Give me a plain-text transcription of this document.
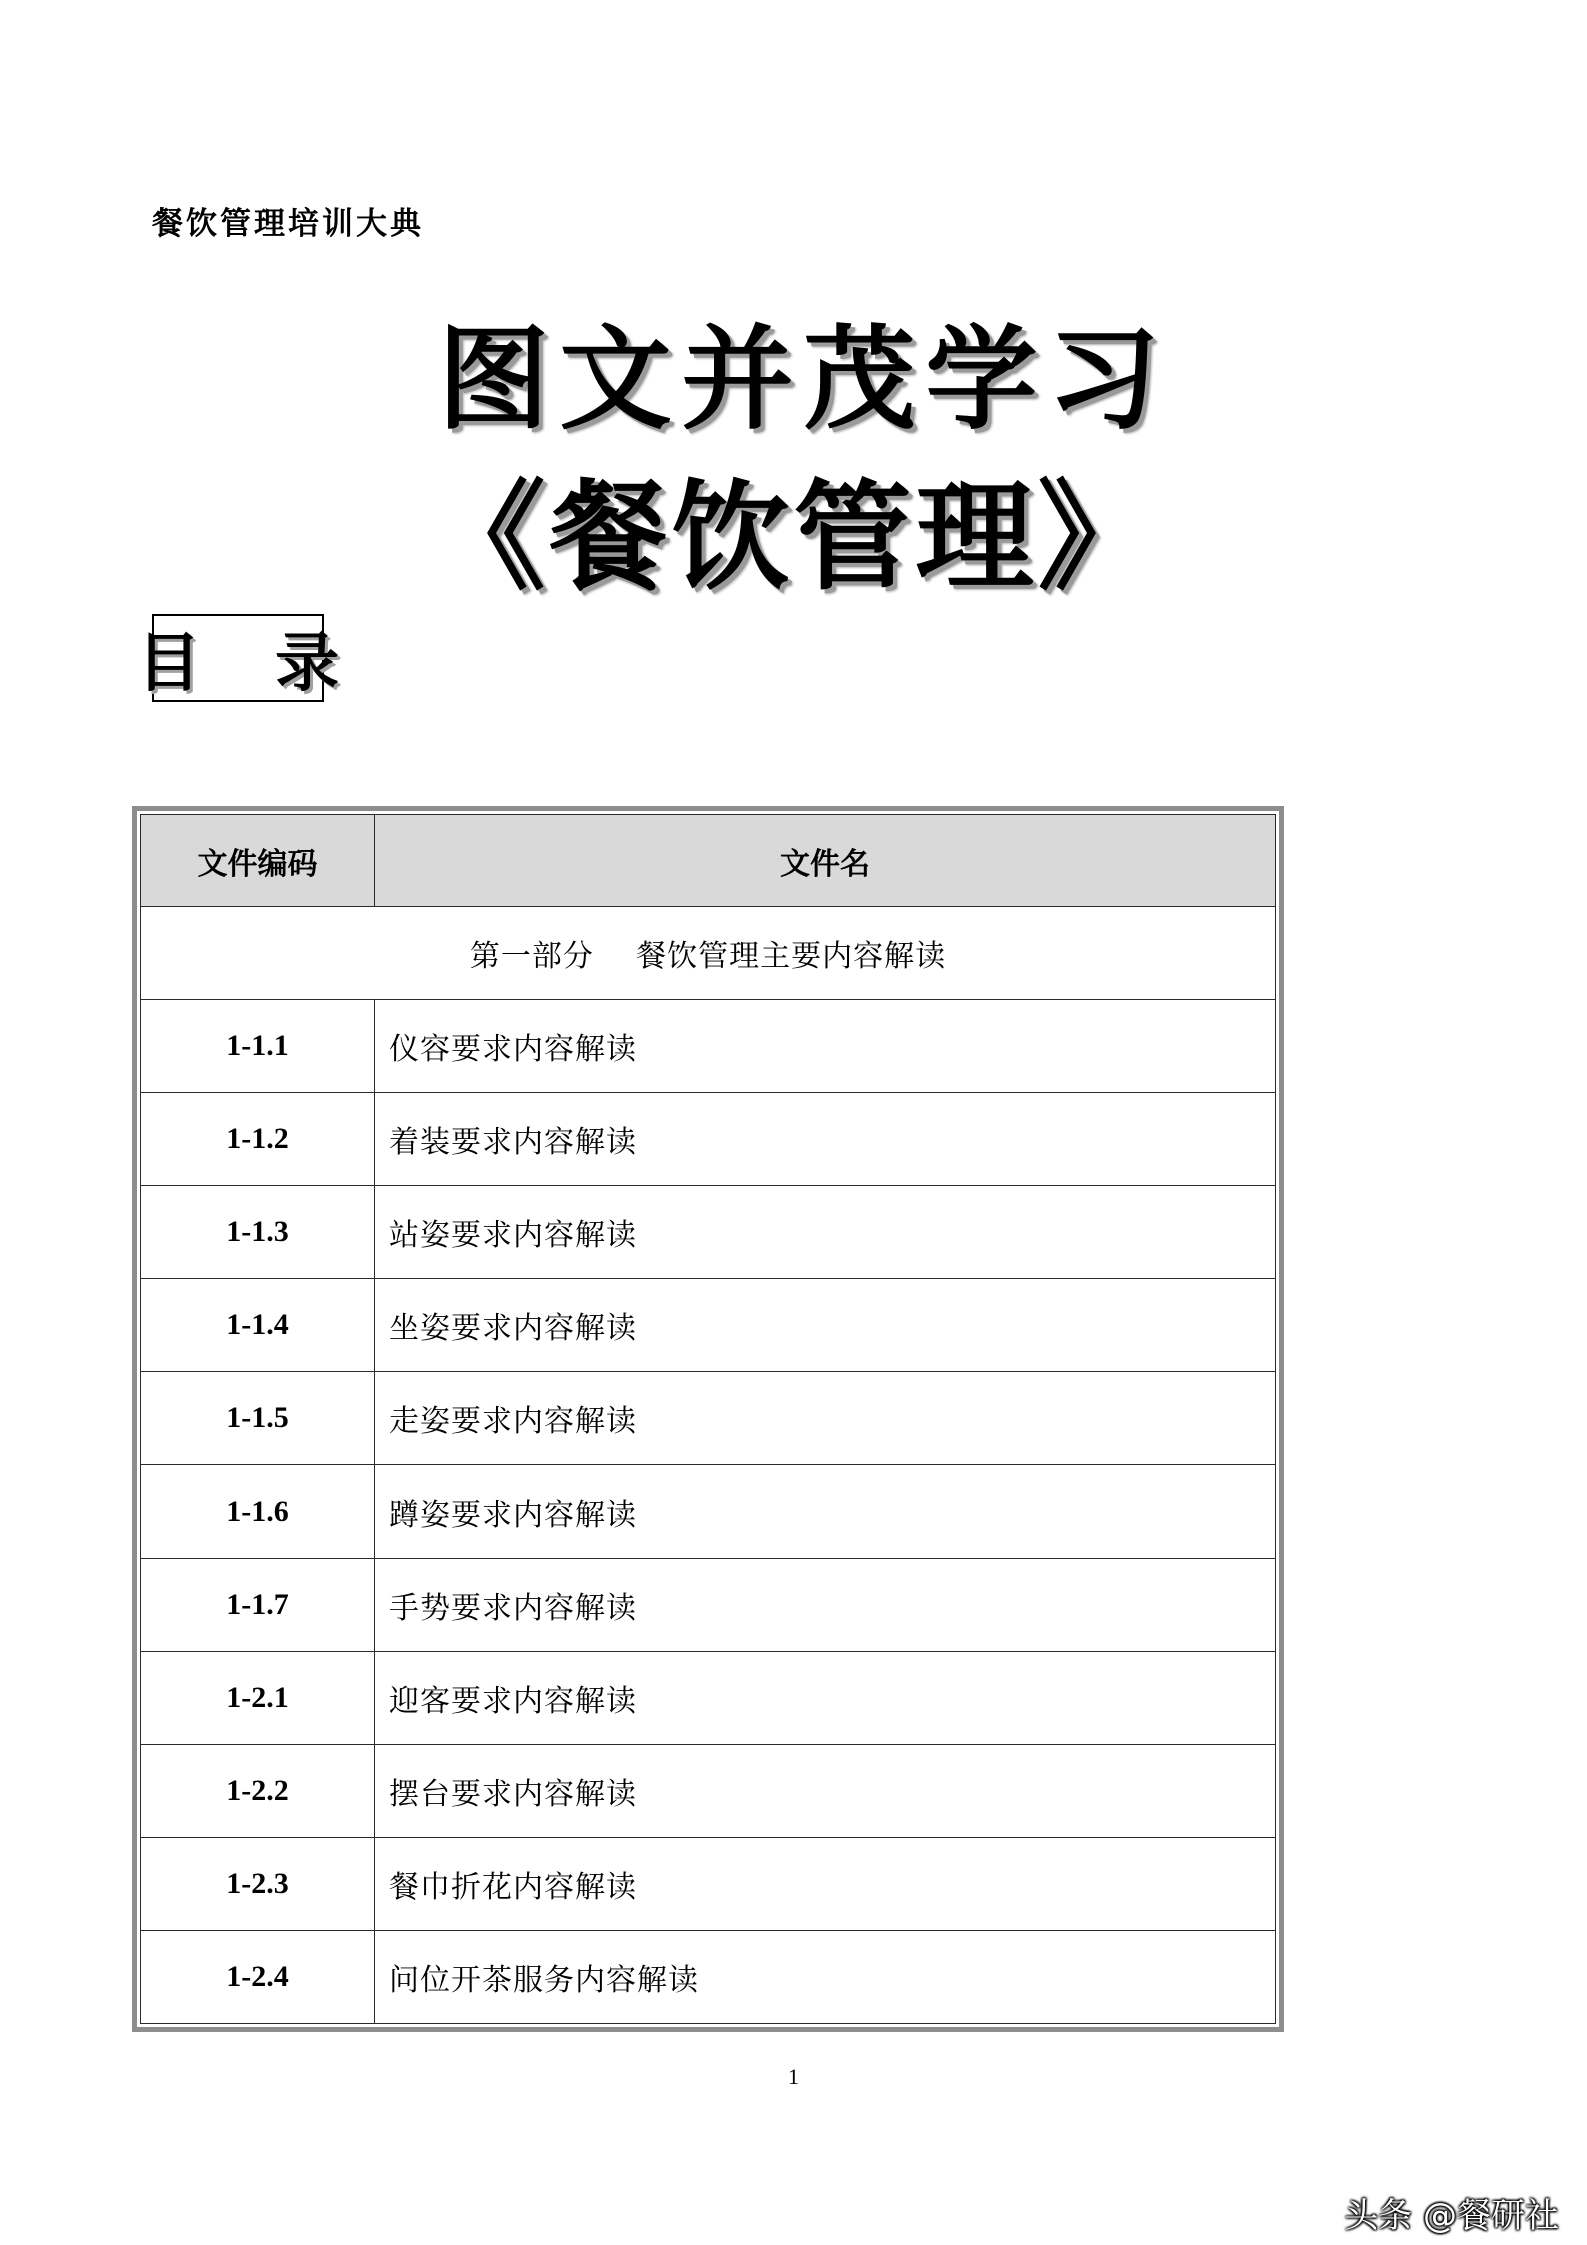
餐饮管理培训大典
图文并茂学习
《餐饮管理》
目 录
文件编码	文件名
第一部分    餐饮管理主要内容解读	
1-1.1	仪容要求内容解读
1-1.2	着装要求内容解读
1-1.3	站姿要求内容解读
1-1.4	坐姿要求内容解读
1-1.5	走姿要求内容解读
1-1.6	蹲姿要求内容解读
1-1.7	手势要求内容解读
1-2.1	迎客要求内容解读
1-2.2	摆台要求内容解读
1-2.3	餐巾折花内容解读
1-2.4	问位开茶服务内容解读
1
头条 @餐研社
